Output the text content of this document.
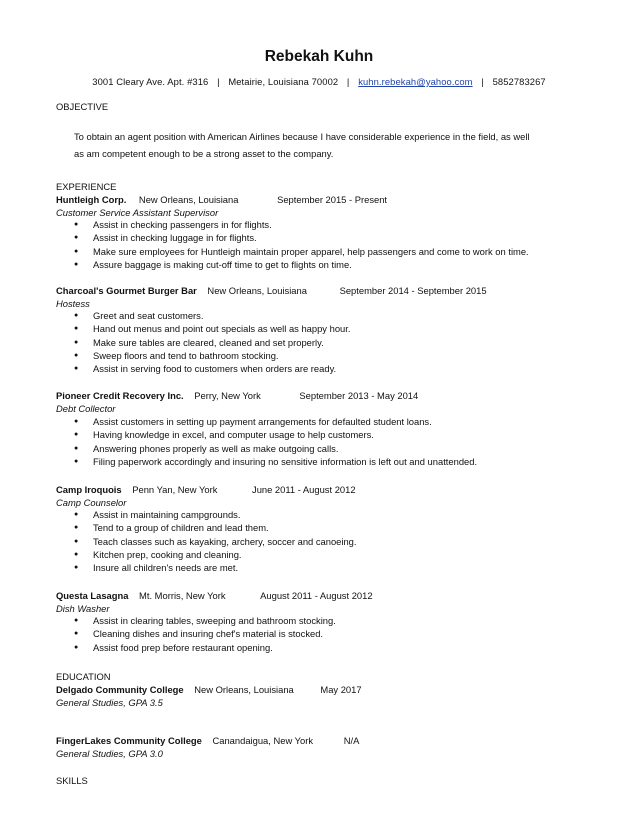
Rebekah Kuhn
3001 Cleary Ave. Apt. #316 | Metairie, Louisiana 70002 | kuhn.rebekah@yahoo.com | 5852783267
OBJECTIVE
To obtain an agent position with American Airlines because I have considerable experience in the field, as well
as am competent enough to be a strong asset to the company.
EXPERIENCE
Huntleigh Corp. New Orleans, Louisiana	September 2015 - Present
Customer Service Assistant Supervisor
● Assist in checking passengers in for flights.
● Assist in checking luggage in for flights.
● Make sure employees for Huntleigh maintain proper apparel, help passengers and come to work on time.
● Assure baggage is making cut-off time to get to flights on time.
Charcoal's Gourmet Burger Bar New Orleans, Louisiana	September 2014 - September 2015
Hostess
● Greet and seat customers.
● Hand out menus and point out specials as well as happy hour.
● Make sure tables are cleared, cleaned and set properly.
● Sweep floors and tend to bathroom stocking.
● Assist in serving food to customers when orders are ready.
Pioneer Credit Recovery Inc. Perry, New York	September 2013 - May 2014
Debt Collector
● Assist customers in setting up payment arrangements for defaulted student loans.
● Having knowledge in excel, and computer usage to help customers.
● Answering phones properly as well as make outgoing calls.
● Filing paperwork accordingly and insuring no sensitive information is left out and unattended.
Camp Iroquois Penn Yan, New York	June 2011 - August 2012
Camp Counselor
● Assist in maintaining campgrounds.
● Tend to a group of children and lead them.
● Teach classes such as kayaking, archery, soccer and canoeing.
● Kitchen prep, cooking and cleaning.
● Insure all children's needs are met.
Questa Lasagna Mt. Morris, New York	August 2011 - August 2012
Dish Washer
● Assist in clearing tables, sweeping and bathroom stocking.
● Cleaning dishes and insuring chef's material is stocked.
● Assist food prep before restaurant opening.
EDUCATION
Delgado Community College New Orleans, Louisiana	May 2017
General Studies, GPA 3.5
FingerLakes Community College Canandaigua, New York	N/A
General Studies, GPA 3.0
SKILLS
